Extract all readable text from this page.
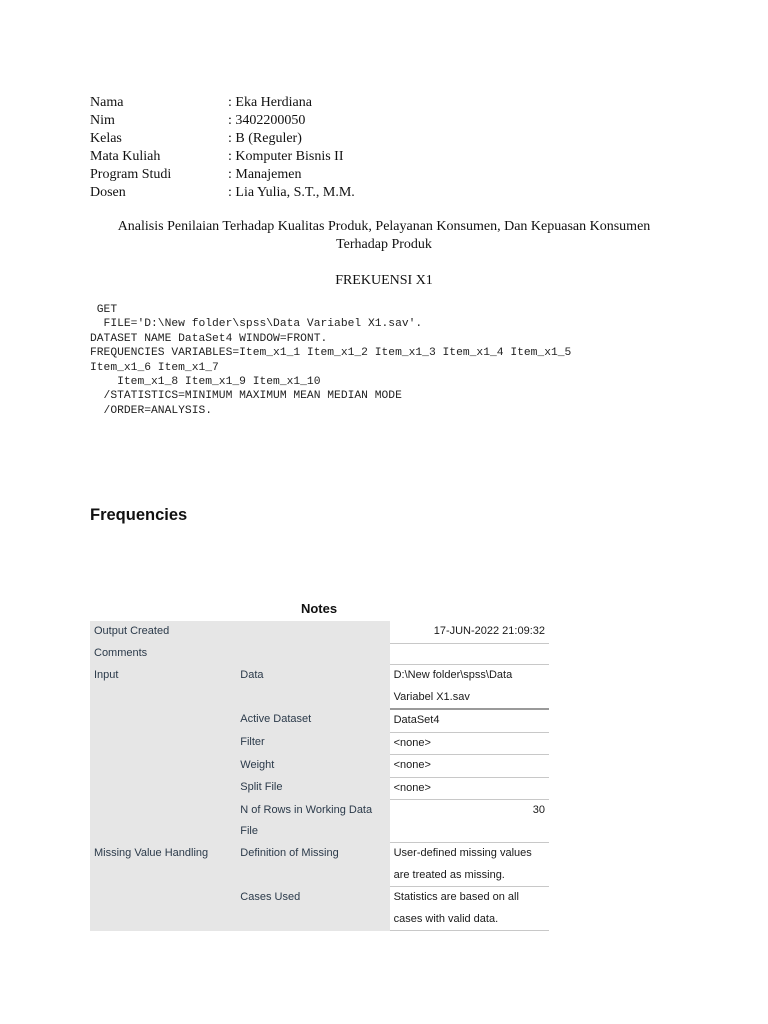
Nama	: Eka Herdiana
Nim	: 3402200050
Kelas	: B (Reguler)
Mata Kuliah	: Komputer Bisnis II
Program Studi	: Manajemen
Dosen	: Lia Yulia, S.T., M.M.
Analisis Penilaian Terhadap Kualitas Produk, Pelayanan Konsumen, Dan Kepuasan Konsumen
Terhadap Produk
FREKUENSI X1
GET
FILE='D:\New folder\spss\Data Variabel X1.sav'.
DATASET NAME DataSet4 WINDOW=FRONT.
FREQUENCIES VARIABLES=Item_x1_1 Item_x1_2 Item_x1_3 Item_x1_4 Item_x1_5
Item_x1_6 Item_x1_7
Item_x1_8 Item_x1_9 Item_x1_10
/STATISTICS=MINIMUM MAXIMUM MEAN MEDIAN MODE
/ORDER=ANALYSIS.
Frequencies
Notes
Output Created		17-JUN-2022 21:09:32
Comments		
Input	Data	D:\New folder\spss\Data
Variabel X1.sav

	Active Dataset	DataSet4
	Filter	<none>
	Weight	<none>
	Split File	<none>

	N of Rows in Working Data
File	30
Missing Value Handling	Definition of Missing	User-defined missing values
are treated as missing.

	Cases Used	Statistics are based on all
cases with valid data.
